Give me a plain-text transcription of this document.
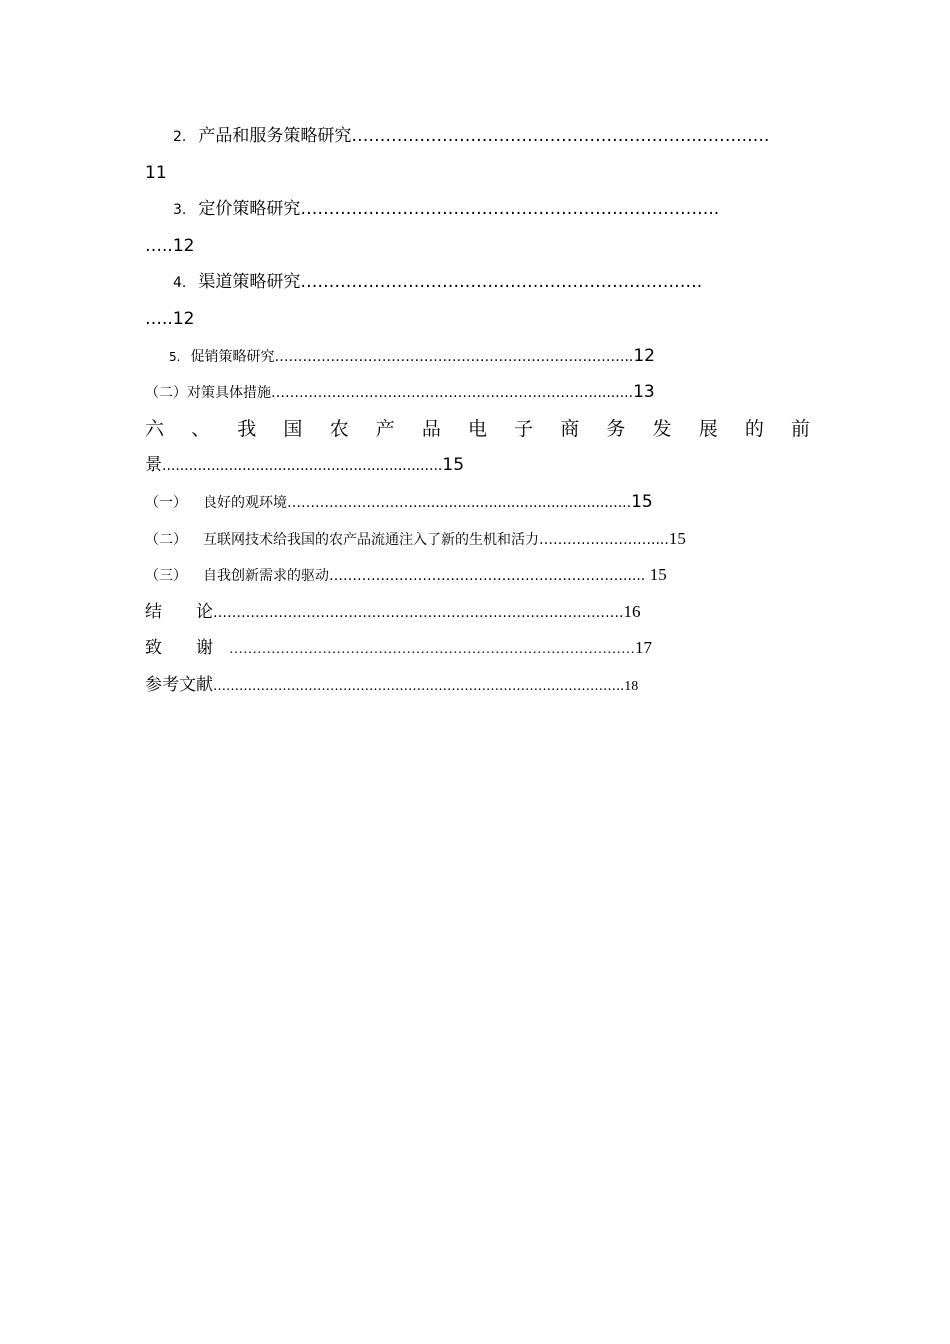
2. 产品和服务策略研究……………………………………………………..……..….
11
3. 定价策略研究………………………………………………………………..
…..12
4. 渠道策略研究…………………………………………………….……….
…..12
5. 促销策略研究…………………………………………………………………..12
（二）对策具体措施…………………………………………………………….........13
六 、 我 国 农 产 品 电 子 商 务 发 展 的 前
景...............................................................15
（一） 良好的观环境……………………….................................................15
（二） 互联网技术给我国的农产品流通注入了新的生机和活力……………………....15
（三） 自我创新需求的驱动………………………………………………………..... 15
结　　论…………………………………………………………………………….16
致　　谢 ……………………………………………………………………………17
参考文献…………………………………………………………………………………..18
